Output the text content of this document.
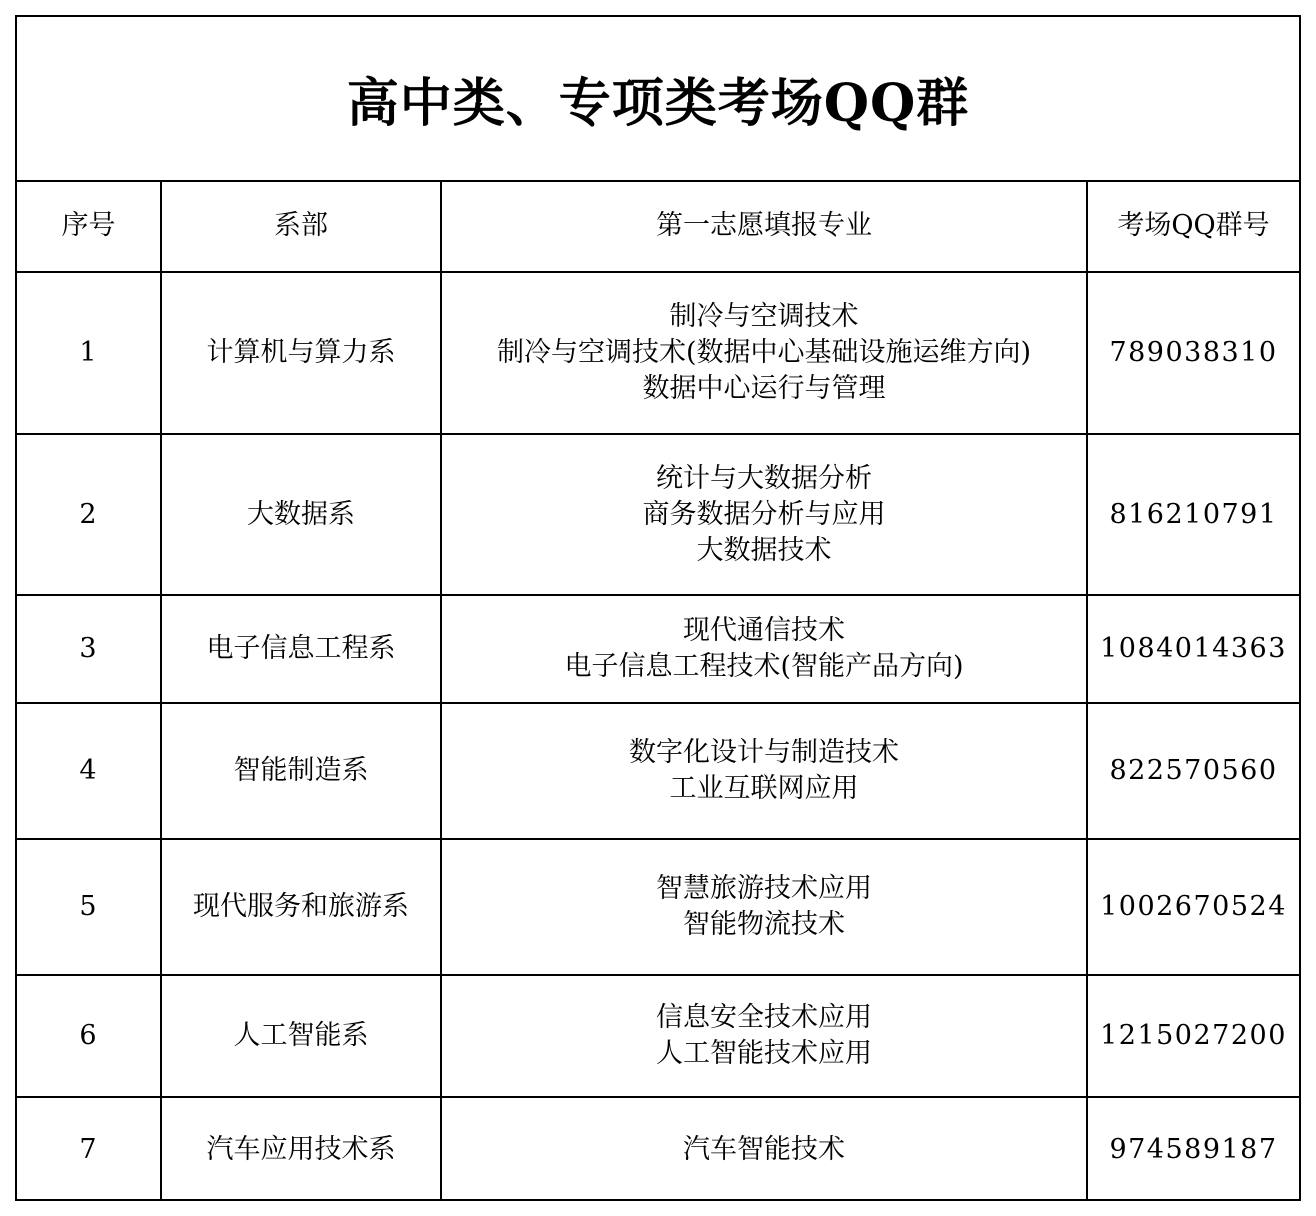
高中类、专项类考场QQ群
序号	系部	第一志愿填报专业	考场QQ群号
1	计算机与算力系	制冷与空调技术
制冷与空调技术(数据中心基础设施运维方向)
数据中心运行与管理	789038310
2	大数据系	统计与大数据分析
商务数据分析与应用
大数据技术	816210791
3	电子信息工程系	现代通信技术
电子信息工程技术(智能产品方向)	1084014363
4	智能制造系	数字化设计与制造技术
工业互联网应用	822570560
5	现代服务和旅游系	智慧旅游技术应用
智能物流技术	1002670524
6	人工智能系	信息安全技术应用
人工智能技术应用	1215027200
7	汽车应用技术系	汽车智能技术	974589187
